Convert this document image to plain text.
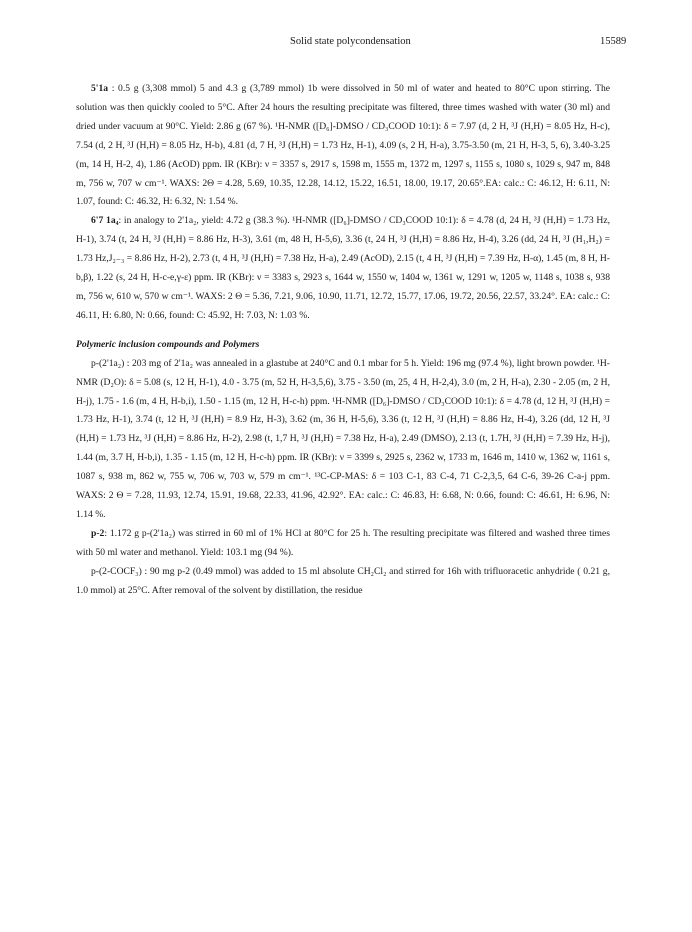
Solid state polycondensation	15589

5'1a : 0.5 g (3,308 mmol) 5 and 4.3 g (3,789 mmol) 1b were dissolved in 50 ml of water and heated to 80°C upon stirring. The solution was then quickly cooled to 5°C. After 24 hours the resulting precipitate was filtered, three times washed with water (30 ml) and dried under vacuum at 90°C. Yield: 2.86 g (67 %). ¹H-NMR ([D₆]-DMSO / CD₃COOD 10:1): δ = 7.97 (d, 2 H, ³J (H,H) = 8.05 Hz, H-c), 7.54 (d, 2 H, ³J (H,H) = 8.05 Hz, H-b), 4.81 (d, 7 H, ³J (H,H) = 1.73 Hz, H-1), 4.09 (s, 2 H, H-a), 3.75-3.50 (m, 21 H, H-3, 5, 6), 3.40-3.25 (m, 14 H, H-2, 4), 1.86 (AcOD) ppm. IR (KBr): ν = 3357 s, 2917 s, 1598 m, 1555 m, 1372 m, 1297 s, 1155 s, 1080 s, 1029 s, 947 m, 848 m, 756 w, 707 w cm⁻¹. WAXS: 2Θ = 4.28, 5.69, 10.35, 12.28, 14.12, 15.22, 16.51, 18.00, 19.17, 20.65°.EA: calc.: C: 46.12, H: 6.11, N: 1.07, found: C: 46.32, H: 6.32, N: 1.54 %.

6'7 1a₄: in analogy to 2'1a₂, yield: 4.72 g (38.3 %). ¹H-NMR ([D₆]-DMSO / CD₃COOD 10:1): δ = 4.78 (d, 24 H, ³J (H,H) = 1.73 Hz, H-1), 3.74 (t, 24 H, ³J (H,H) = 8.86 Hz, H-3), 3.61 (m, 48 H, H-5,6), 3.36 (t, 24 H, ³J (H,H) = 8.86 Hz, H-4), 3.26 (dd, 24 H, ³J (H₁,H₂) = 1.73 Hz,J₂₋₃ = 8.86 Hz, H-2), 2.73 (t, 4 H, ³J (H,H) = 7.38 Hz, H-a), 2.49 (AcOD), 2.15 (t, 4 H, ³J (H,H) = 7.39 Hz, H-α), 1.45 (m, 8 H, H-b,β), 1.22 (s, 24 H, H-c-e,γ-ε) ppm. IR (KBr): ν = 3383 s, 2923 s, 1644 w, 1550 w, 1404 w, 1361 w, 1291 w, 1205 w, 1148 s, 1038 s, 938 m, 756 w, 610 w, 570 w cm⁻¹. WAXS: 2 Θ = 5.36, 7.21, 9.06, 10.90, 11.71, 12.72, 15.77, 17.06, 19.72, 20.56, 22.57, 33.24°. EA: calc.: C: 46.11, H: 6.80, N: 0.66, found: C: 45.92, H: 7.03, N: 1.03 %.

Polymeric inclusion compounds and Polymers

p-(2'1a₂) : 203 mg of 2'1a₂ was annealed in a glastube at 240°C and 0.1 mbar for 5 h. Yield: 196 mg (97.4 %), light brown powder. ¹H-NMR (D₂O): δ = 5.08 (s, 12 H, H-1), 4.0 - 3.75 (m, 52 H, H-3,5,6), 3.75 - 3.50 (m, 25, 4 H, H-2,4), 3.0 (m, 2 H, H-a), 2.30 - 2.05 (m, 2 H, H-j), 1.75 - 1.6 (m, 4 H, H-b,i), 1.50 - 1.15 (m, 12 H, H-c-h) ppm. ¹H-NMR ([D₆]-DMSO / CD₃COOD 10:1): δ = 4.78 (d, 12 H, ³J (H,H) = 1.73 Hz, H-1), 3.74 (t, 12 H, ³J (H,H) = 8.9 Hz, H-3), 3.62 (m, 36 H, H-5,6), 3.36 (t, 12 H, ³J (H,H) = 8.86 Hz, H-4), 3.26 (dd, 12 H, ³J (H,H) = 1.73 Hz, ³J (H,H) = 8.86 Hz, H-2), 2.98 (t, 1,7 H, ³J (H,H) = 7.38 Hz, H-a), 2.49 (DMSO), 2.13 (t, 1.7H, ³J (H,H) = 7.39 Hz, H-j), 1.44 (m, 3.7 H, H-b,i), 1.35 - 1.15 (m, 12 H, H-c-h) ppm. IR (KBr): ν = 3399 s, 2925 s, 2362 w, 1733 m, 1646 m, 1410 w, 1362 w, 1161 s, 1087 s, 938 m, 862 w, 755 w, 706 w, 703 w, 579 m cm⁻¹. ¹³C-CP-MAS: δ = 103 C-1, 83 C-4, 71 C-2,3,5, 64 C-6, 39-26 C-a-j ppm. WAXS: 2 Θ = 7.28, 11.93, 12.74, 15.91, 19.68, 22.33, 41.96, 42.92°. EA: calc.: C: 46.83, H: 6.68, N: 0.66, found: C: 46.61, H: 6.96, N: 1.14 %.

p-2: 1.172 g p-(2'1a₂) was stirred in 60 ml of 1% HCl at 80°C for 25 h. The resulting precipitate was filtered and washed three times with 50 ml water and methanol. Yield: 103.1 mg (94 %).

p-(2-COCF₃) : 90 mg p-2 (0.49 mmol) was added to 15 ml absolute CH₂Cl₂ and stirred for 16h with trifluoracetic anhydride ( 0.21 g, 1.0 mmol) at 25°C. After removal of the solvent by distillation, the residue
